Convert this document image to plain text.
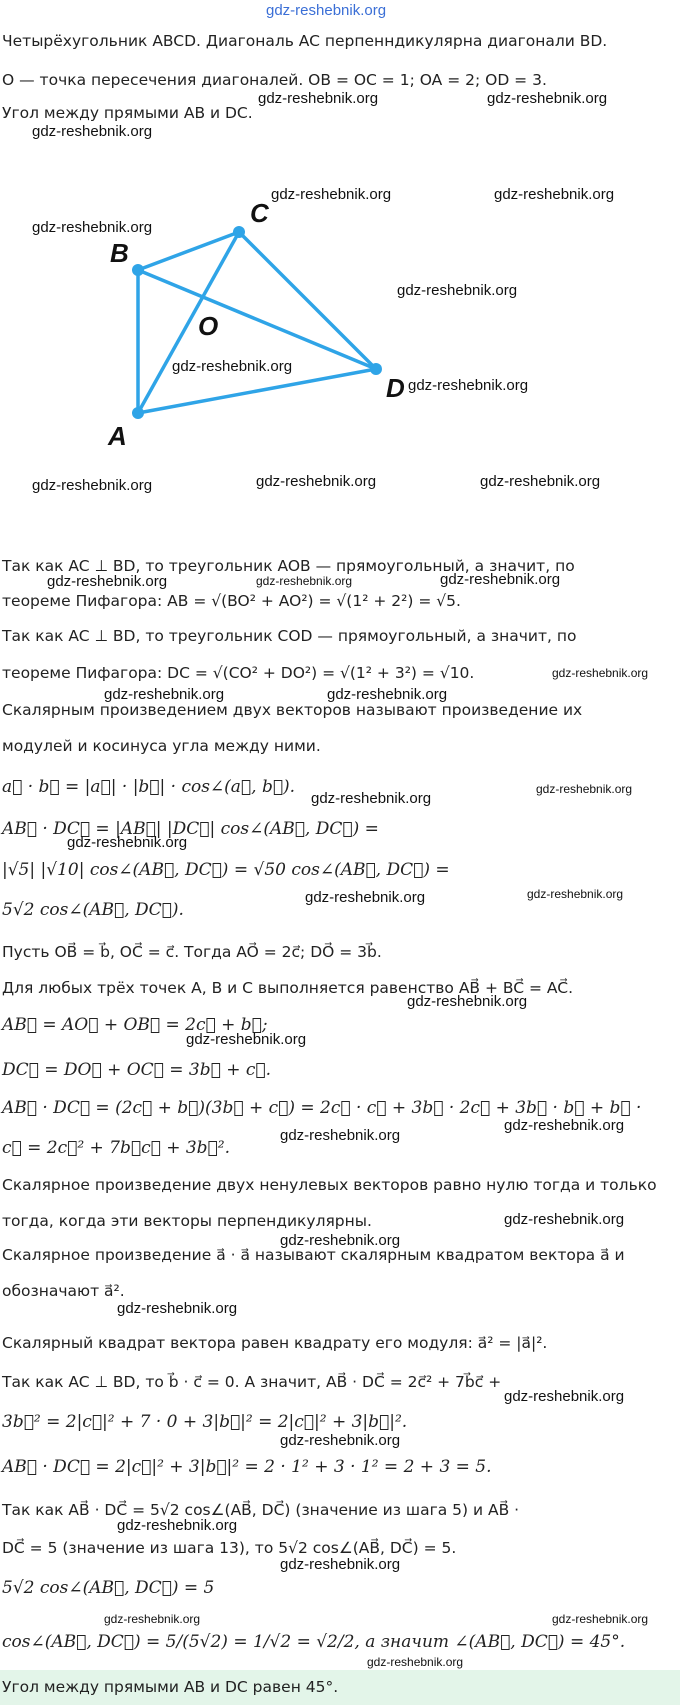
gdz-reshebnik.org
Четырёхугольник ABCD. Диагональ AC перпенндикулярна диагонали BD.
O — точка пересечения диагоналей. OB = OC = 1; OA = 2; OD = 3.
Угол между прямыми AB и DC.
B
C
O
D
A
Так как AC ⊥ BD, то треугольник AOB — прямоугольный, а значит, по
теореме Пифагора: AB = √(BO² + AO²) = √(1² + 2²) = √5.
Так как AC ⊥ BD, то треугольник COD — прямоугольный, а значит, по
теореме Пифагора: DC = √(CO² + DO²) = √(1² + 3²) = √10.
Скалярным произведением двух векторов называют произведение их
модулей и косинуса угла между ними.
a⃗ · b⃗ = |a⃗| · |b⃗| · cos∠(a⃗, b⃗).
AB⃗ · DC⃗ = |AB⃗| |DC⃗| cos∠(AB⃗, DC⃗) =
|√5| |√10| cos∠(AB⃗, DC⃗) = √50 cos∠(AB⃗, DC⃗) =
5√2 cos∠(AB⃗, DC⃗).
Пусть OB⃗ = b⃗, OC⃗ = c⃗. Тогда AO⃗ = 2c⃗; DO⃗ = 3b⃗.
Для любых трёх точек A, B и C выполняется равенство AB⃗ + BC⃗ = AC⃗.
AB⃗ = AO⃗ + OB⃗ = 2c⃗ + b⃗;
DC⃗ = DO⃗ + OC⃗ = 3b⃗ + c⃗.
AB⃗ · DC⃗ = (2c⃗ + b⃗)(3b⃗ + c⃗) = 2c⃗ · c⃗ + 3b⃗ · 2c⃗ + 3b⃗ · b⃗ + b⃗ ·
c⃗ = 2c⃗² + 7b⃗c⃗ + 3b⃗².
Скалярное произведение двух ненулевых векторов равно нулю тогда и только
тогда, когда эти векторы перпендикулярны.
Скалярное произведение a⃗ · a⃗ называют скалярным квадратом вектора a⃗ и
обозначают a⃗².
Скалярный квадрат вектора равен квадрату его модуля: a⃗² = |a⃗|².
Так как AC ⊥ BD, то b⃗ · c⃗ = 0. А значит, AB⃗ · DC⃗ = 2c⃗² + 7b⃗c⃗ +
3b⃗² = 2|c⃗|² + 7 · 0 + 3|b⃗|² = 2|c⃗|² + 3|b⃗|².
AB⃗ · DC⃗ = 2|c⃗|² + 3|b⃗|² = 2 · 1² + 3 · 1² = 2 + 3 = 5.
Так как AB⃗ · DC⃗ = 5√2 cos∠(AB⃗, DC⃗) (значение из шага 5) и AB⃗ ·
DC⃗ = 5 (значение из шага 13), то 5√2 cos∠(AB⃗, DC⃗) = 5.
5√2 cos∠(AB⃗, DC⃗) = 5
cos∠(AB⃗, DC⃗) = 5/(5√2) = 1/√2 = √2/2, а значит ∠(AB⃗, DC⃗) = 45°.
Угол между прямыми AB и DC равен 45°.
gdz-reshebnik.org	gdz-reshebnik.org
gdz-reshebnik.org
gdz-reshebnik.org	gdz-reshebnik.org
gdz-reshebnik.org
gdz-reshebnik.org
gdz-reshebnik.org
gdz-reshebnik.org
gdz-reshebnik.org	gdz-reshebnik.org	gdz-reshebnik.org
gdz-reshebnik.org	gdz-reshebnik.org
gdz-reshebnik.org
gdz-reshebnik.org
gdz-reshebnik.org	gdz-reshebnik.org
gdz-reshebnik.org
gdz-reshebnik.org
gdz-reshebnik.org
gdz-reshebnik.org	gdz-reshebnik.org
gdz-reshebnik.org
gdz-reshebnik.org
gdz-reshebnik.org
gdz-reshebnik.org
gdz-reshebnik.org
gdz-reshebnik.org
gdz-reshebnik.org
gdz-reshebnik.org
gdz-reshebnik.org
gdz-reshebnik.org
gdz-reshebnik.org
gdz-reshebnik.org	gdz-reshebnik.org
gdz-reshebnik.org
